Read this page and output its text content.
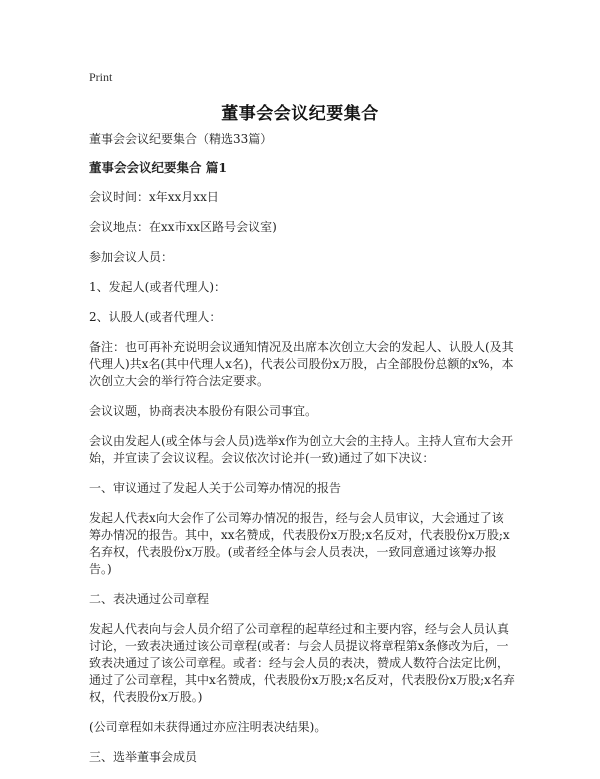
Print
董事会会议纪要集合

董事会会议纪要集合（精选33篇）

董事会会议纪要集合 篇1

会议时间：x年xx月xx日

会议地点：在xx市xx区路号会议室)

参加会议人员：

1、发起人(或者代理人)：

2、认股人(或者代理人：

备注：也可再补充说明会议通知情况及出席本次创立大会的发起人、认股人(及其代理人)共x名(其中代理人x名)，代表公司股份x万股，占全部股份总额的x%，本次创立大会的举行符合法定要求。

会议议题，协商表决本股份有限公司事宜。

会议由发起人(或全体与会人员)选举x作为创立大会的主持人。主持人宣布大会开始，并宣读了会议议程。会议依次讨论并(一致)通过了如下决议：

一、审议通过了发起人关于公司筹办情况的报告

发起人代表x向大会作了公司筹办情况的报告，经与会人员审议，大会通过了该筹办情况的报告。其中，xx名赞成，代表股份x万股;x名反对，代表股份x万股;x名弃权，代表股份x万股。(或者经全体与会人员表决，一致同意通过该筹办报告。)

二、表决通过公司章程

发起人代表向与会人员介绍了公司章程的起草经过和主要内容，经与会人员认真讨论，一致表决通过该公司章程(或者：与会人员提议将章程第x条修改为后，一致表决通过了该公司章程。或者：经与会人员的表决，赞成人数符合法定比例，通过了公司章程，其中x名赞成，代表股份x万股;x名反对，代表股份x万股;x名弃权，代表股份x万股。)

(公司章程如未获得通过亦应注明表决结果)。

三、选举董事会成员
